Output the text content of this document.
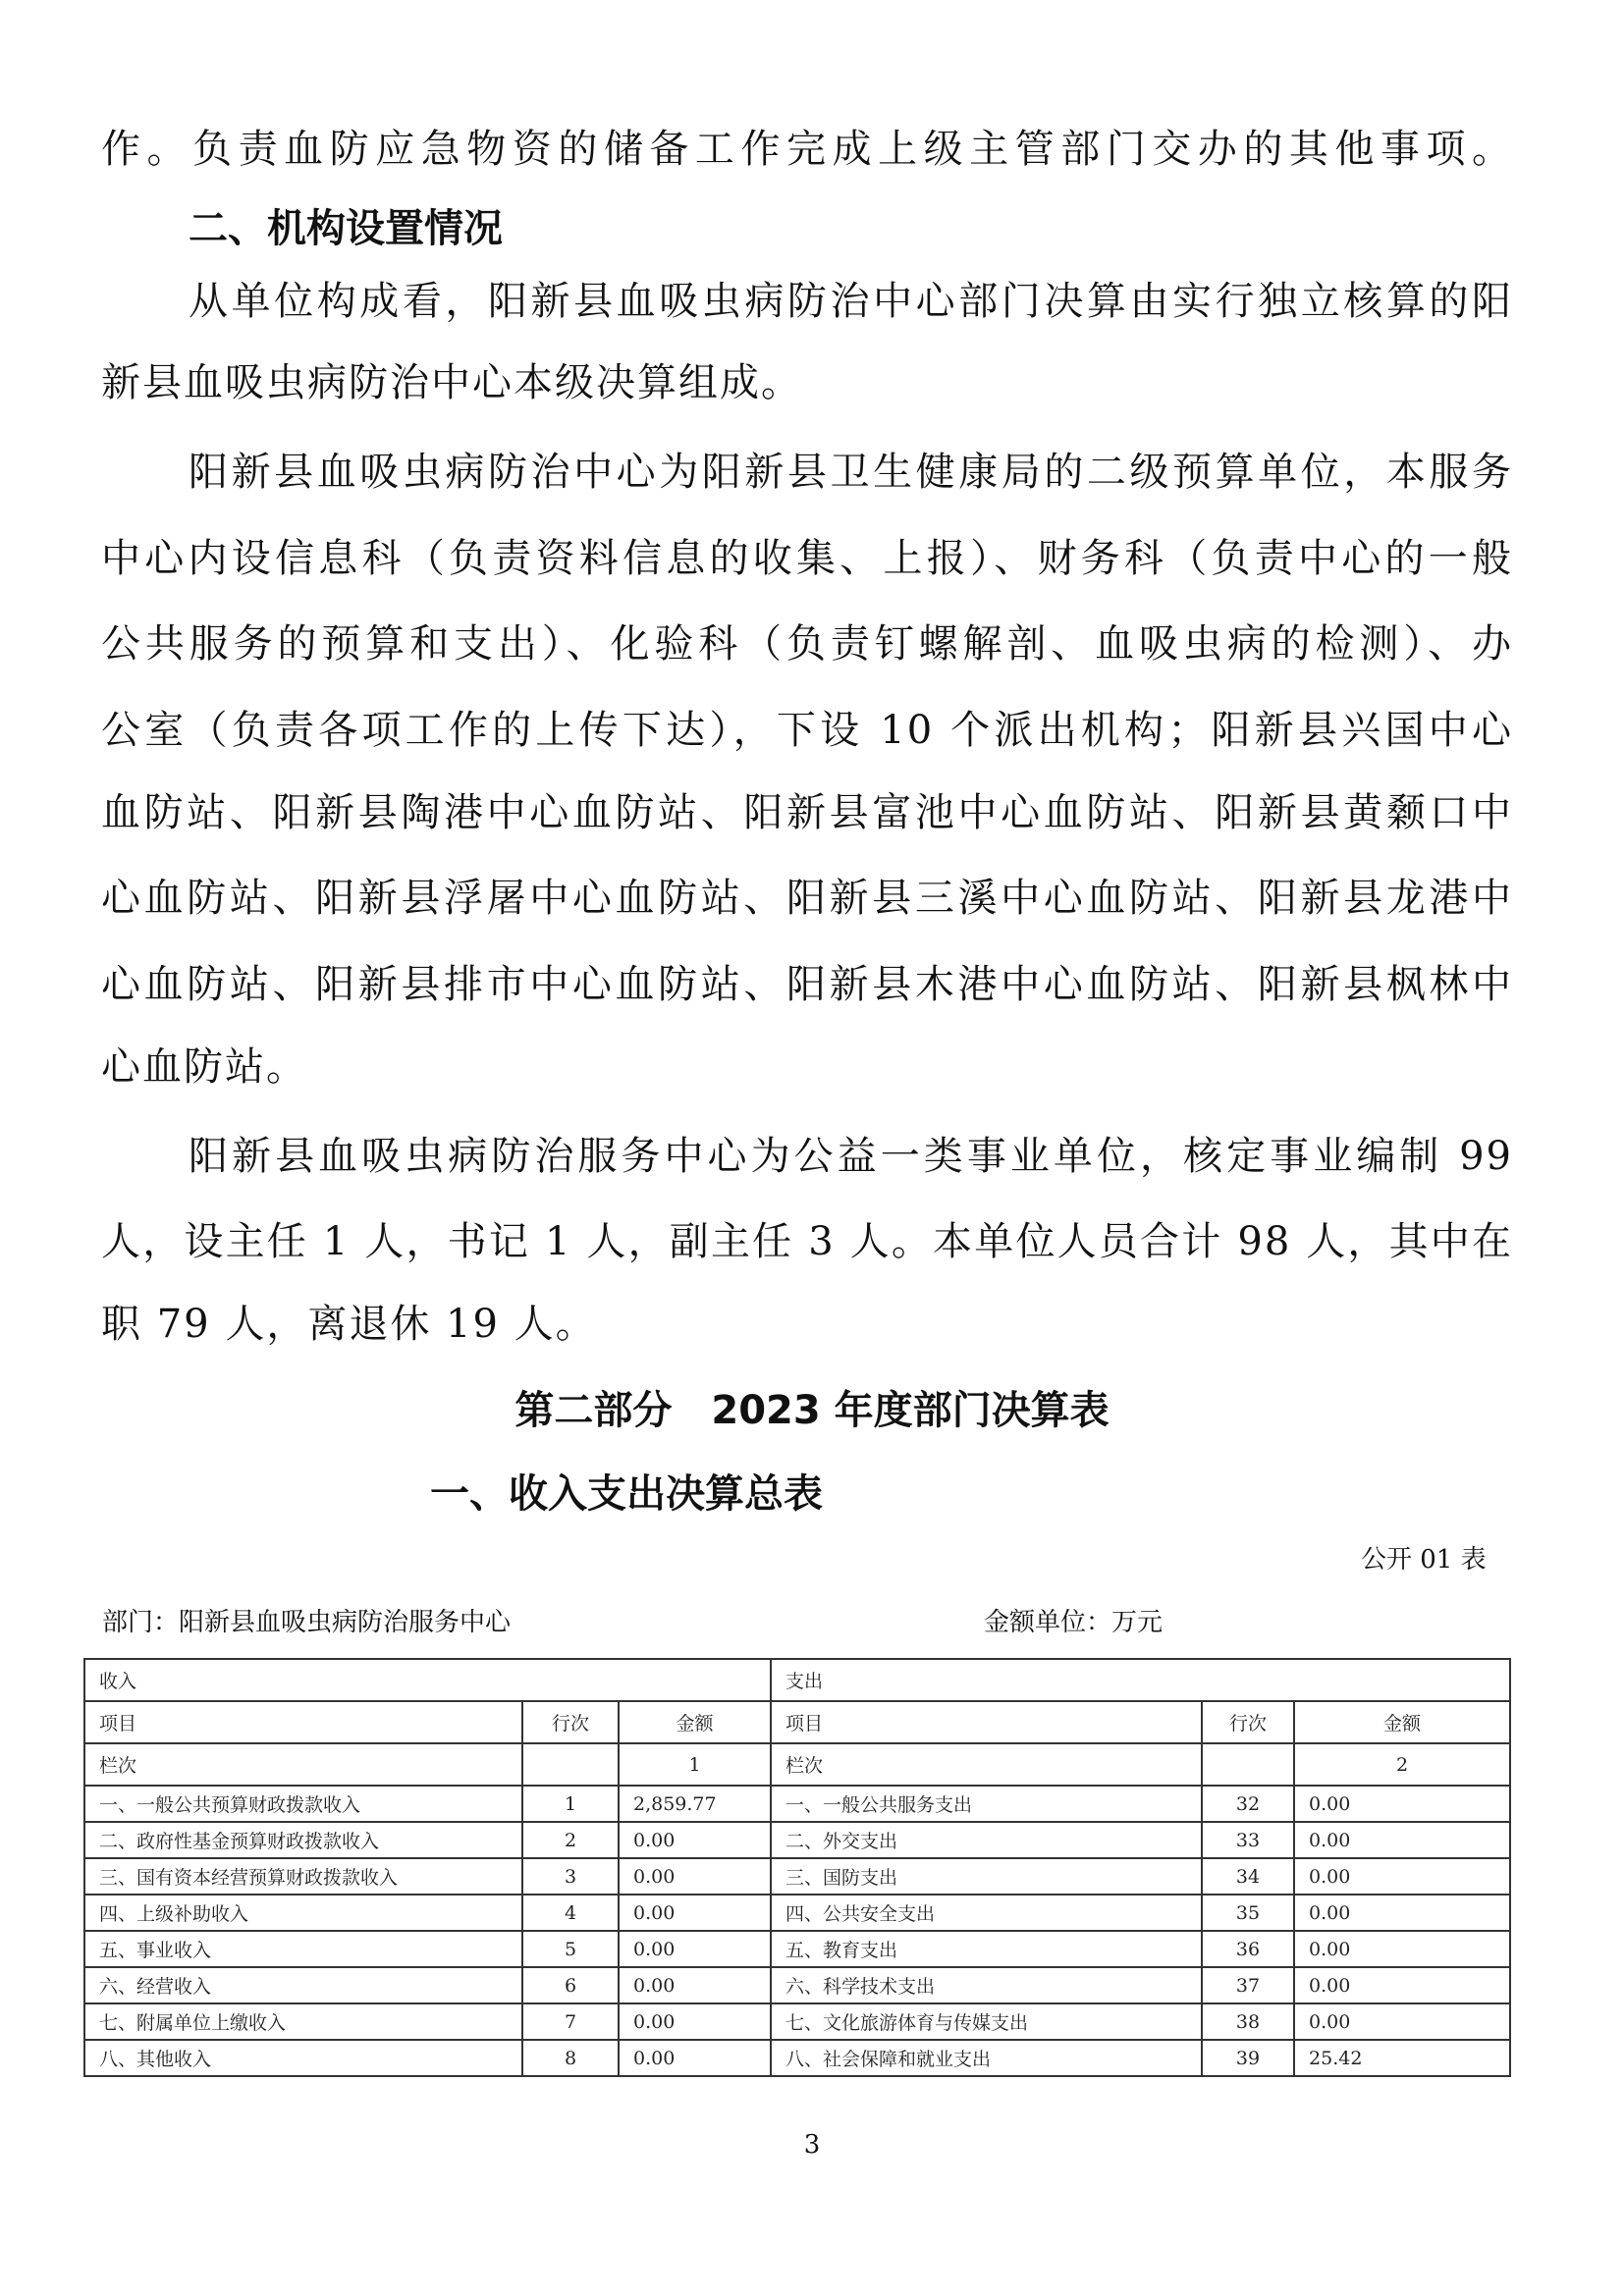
作。负责血防应急物资的储备工作完成上级主管部门交办的其他事项。
二、机构设置情况
从单位构成看，阳新县血吸虫病防治中心部门决算由实行独立核算的阳
新县血吸虫病防治中心本级决算组成。
阳新县血吸虫病防治中心为阳新县卫生健康局的二级预算单位，本服务
中心内设信息科（负责资料信息的收集、上报）、财务科（负责中心的一般
公共服务的预算和支出）、化验科（负责钉螺解剖、血吸虫病的检测）、办
公室（负责各项工作的上传下达），下设 10 个派出机构；阳新县兴国中心
血防站、阳新县陶港中心血防站、阳新县富池中心血防站、阳新县黄颡口中
心血防站、阳新县浮屠中心血防站、阳新县三溪中心血防站、阳新县龙港中
心血防站、阳新县排市中心血防站、阳新县木港中心血防站、阳新县枫林中
心血防站。
阳新县血吸虫病防治服务中心为公益一类事业单位，核定事业编制 99
人，设主任 1 人，书记 1 人，副主任 3 人。本单位人员合计 98 人，其中在
职 79 人，离退休 19 人。
第二部分　2023 年度部门决算表
一、收入支出决算总表
公开 01 表
部门：阳新县血吸虫病防治服务中心	金额单位：万元
收入			支出		
项目	行次	金额	项目	行次	金额
栏次		1	栏次		2
一、一般公共预算财政拨款收入	1	2,859.77	一、一般公共服务支出	32	0.00
二、政府性基金预算财政拨款收入	2	0.00	二、外交支出	33	0.00
三、国有资本经营预算财政拨款收入	3	0.00	三、国防支出	34	0.00
四、上级补助收入	4	0.00	四、公共安全支出	35	0.00
五、事业收入	5	0.00	五、教育支出	36	0.00
六、经营收入	6	0.00	六、科学技术支出	37	0.00
七、附属单位上缴收入	7	0.00	七、文化旅游体育与传媒支出	38	0.00
八、其他收入	8	0.00	八、社会保障和就业支出	39	25.42
3
